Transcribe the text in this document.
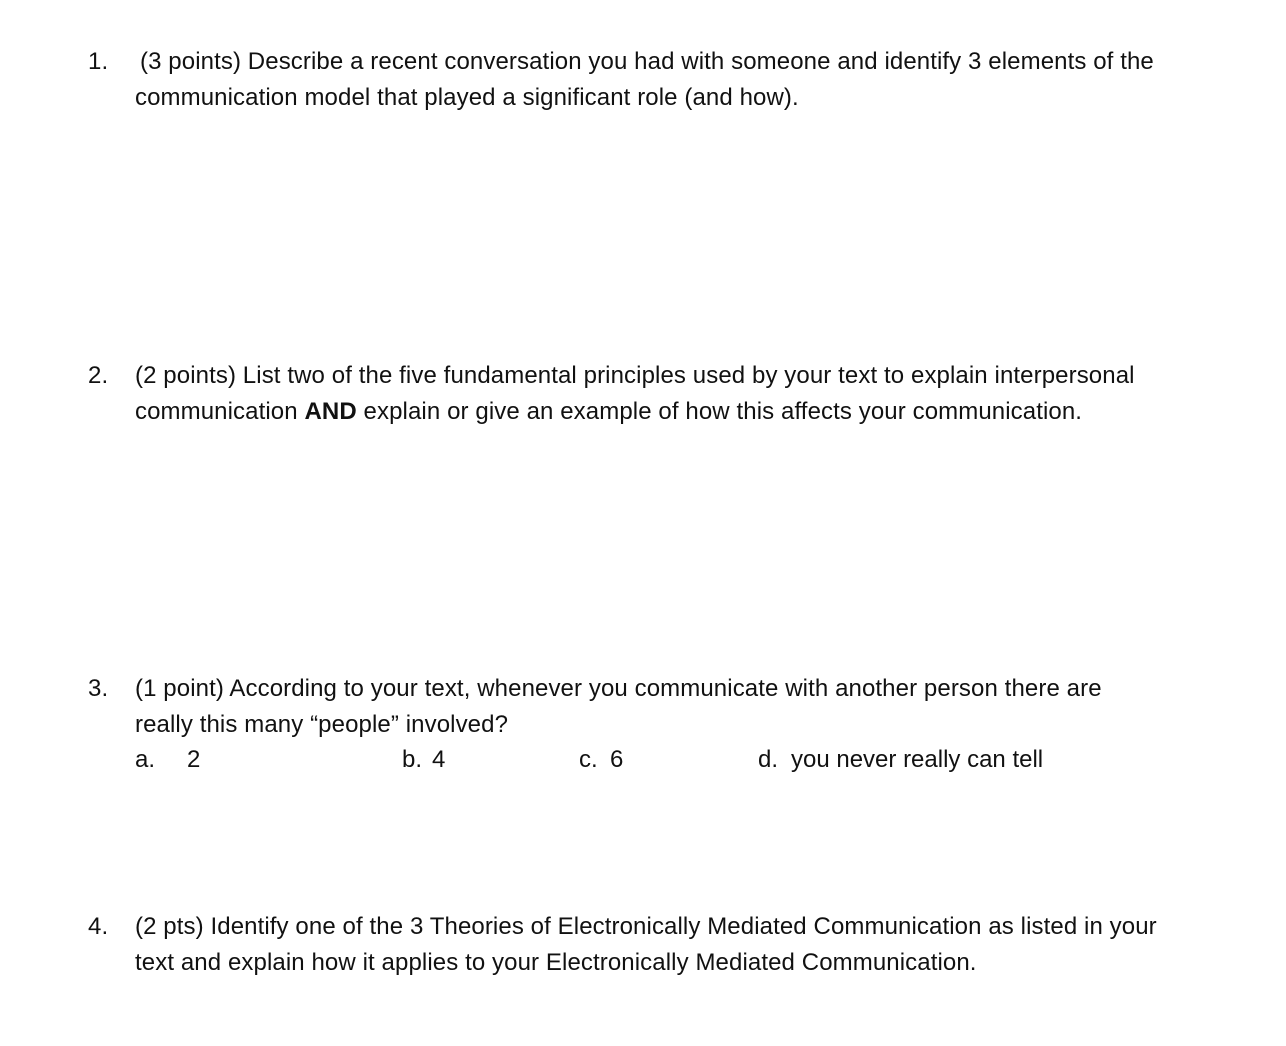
1.	(3 points) Describe a recent conversation you had with someone and identify 3 elements of the
communication model that played a significant role (and how).
2.	(2 points) List two of the five fundamental principles used by your text to explain interpersonal
communication AND explain or give an example of how this affects your communication.
3.	(1 point) According to your text, whenever you communicate with another person there are
really this many “people” involved?
a. 2	b. 4	c. 6	d. you never really can tell
4.	(2 pts) Identify one of the 3 Theories of Electronically Mediated Communication as listed in your
text and explain how it applies to your Electronically Mediated Communication.
